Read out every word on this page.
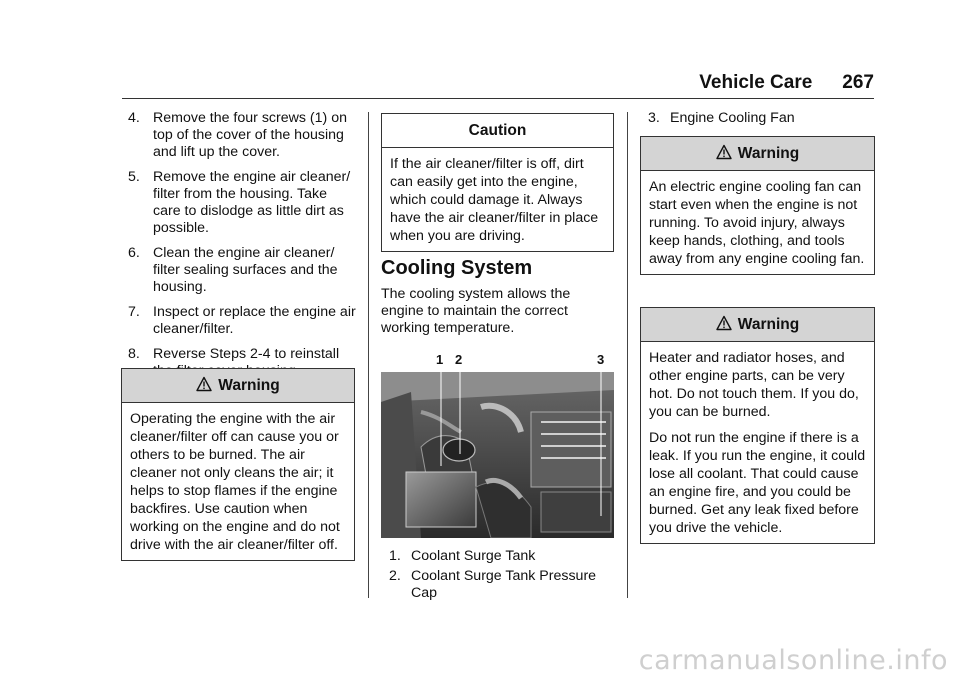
Vehicle Care 267
4. Remove the four screws (1) on top of the cover of the housing and lift up the cover.
5. Remove the engine air cleaner/ filter from the housing. Take care to dislodge as little dirt as possible.
6. Clean the engine air cleaner/ filter sealing surfaces and the housing.
7. Inspect or replace the engine air cleaner/filter.
8. Reverse Steps 2-4 to reinstall
Warning

Operating the engine with the air cleaner/filter off can cause you or others to be burned. The air cleaner not only cleans the air; it helps to stop flames if the engine backfires. Use caution when working on the engine and do not drive with the air cleaner/filter off.

Caution

If the air cleaner/filter is off, dirt can easily get into the engine, which could damage it. Always have the air cleaner/filter in place when you are driving.

Cooling System
The cooling system allows the engine to maintain the correct working temperature.
1 2	3

1. Coolant Surge Tank

2. Coolant Surge Tank Pressure Cap

3. Engine Cooling Fan

Warning

An electric engine cooling fan can start even when the engine is not running. To avoid injury, always keep hands, clothing, and tools away from any engine cooling fan.

Warning

Heater and radiator hoses, and other engine parts, can be very hot. Do not touch them. If you do, you can be burned.

Do not run the engine if there is a leak. If you run the engine, it could lose all coolant. That could cause an engine fire, and you could be burned. Get any leak fixed before you drive the vehicle.

carmanualsonline.info
